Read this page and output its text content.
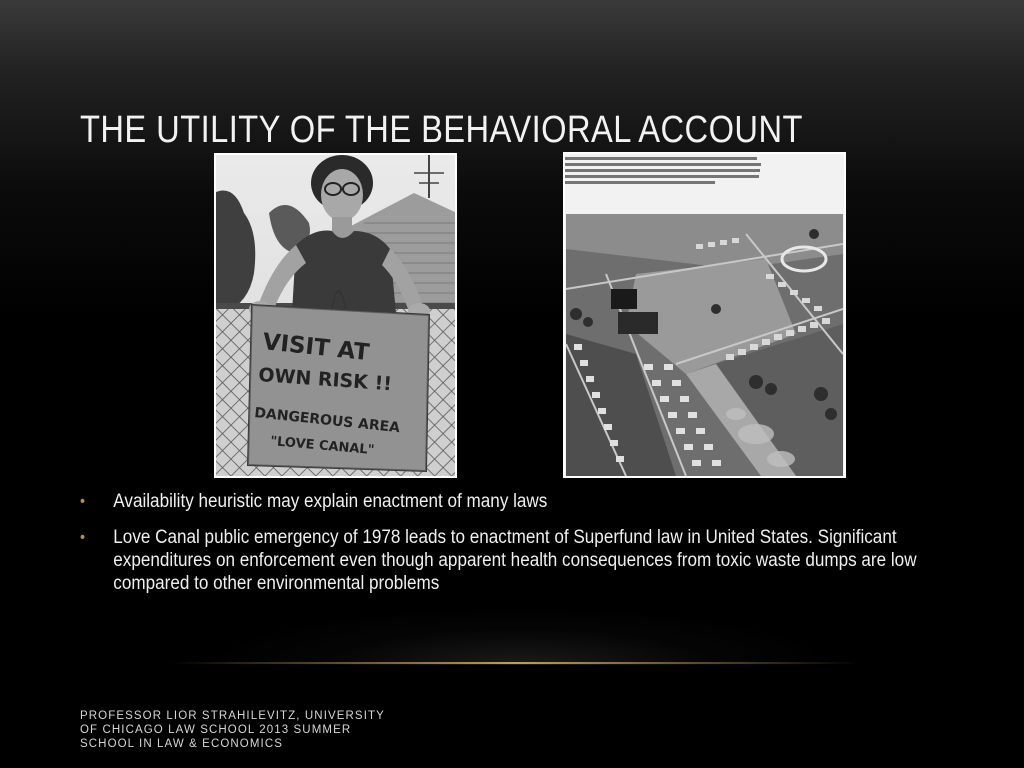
THE UTILITY OF THE BEHAVIORAL ACCOUNT
VISIT AT
OWN RISK !!
DANGEROUS AREA
"LOVE CANAL"
•	Availability heuristic may explain enactment of many laws
•	Love Canal public emergency of 1978 leads to enactment of Superfund law in United States. Significant expenditures on enforcement even though apparent health consequences from toxic waste dumps are low compared to other environmental problems
PROFESSOR LIOR STRAHILEVITZ, UNIVERSITY OF CHICAGO LAW SCHOOL 2013 SUMMER SCHOOL IN LAW & ECONOMICS
